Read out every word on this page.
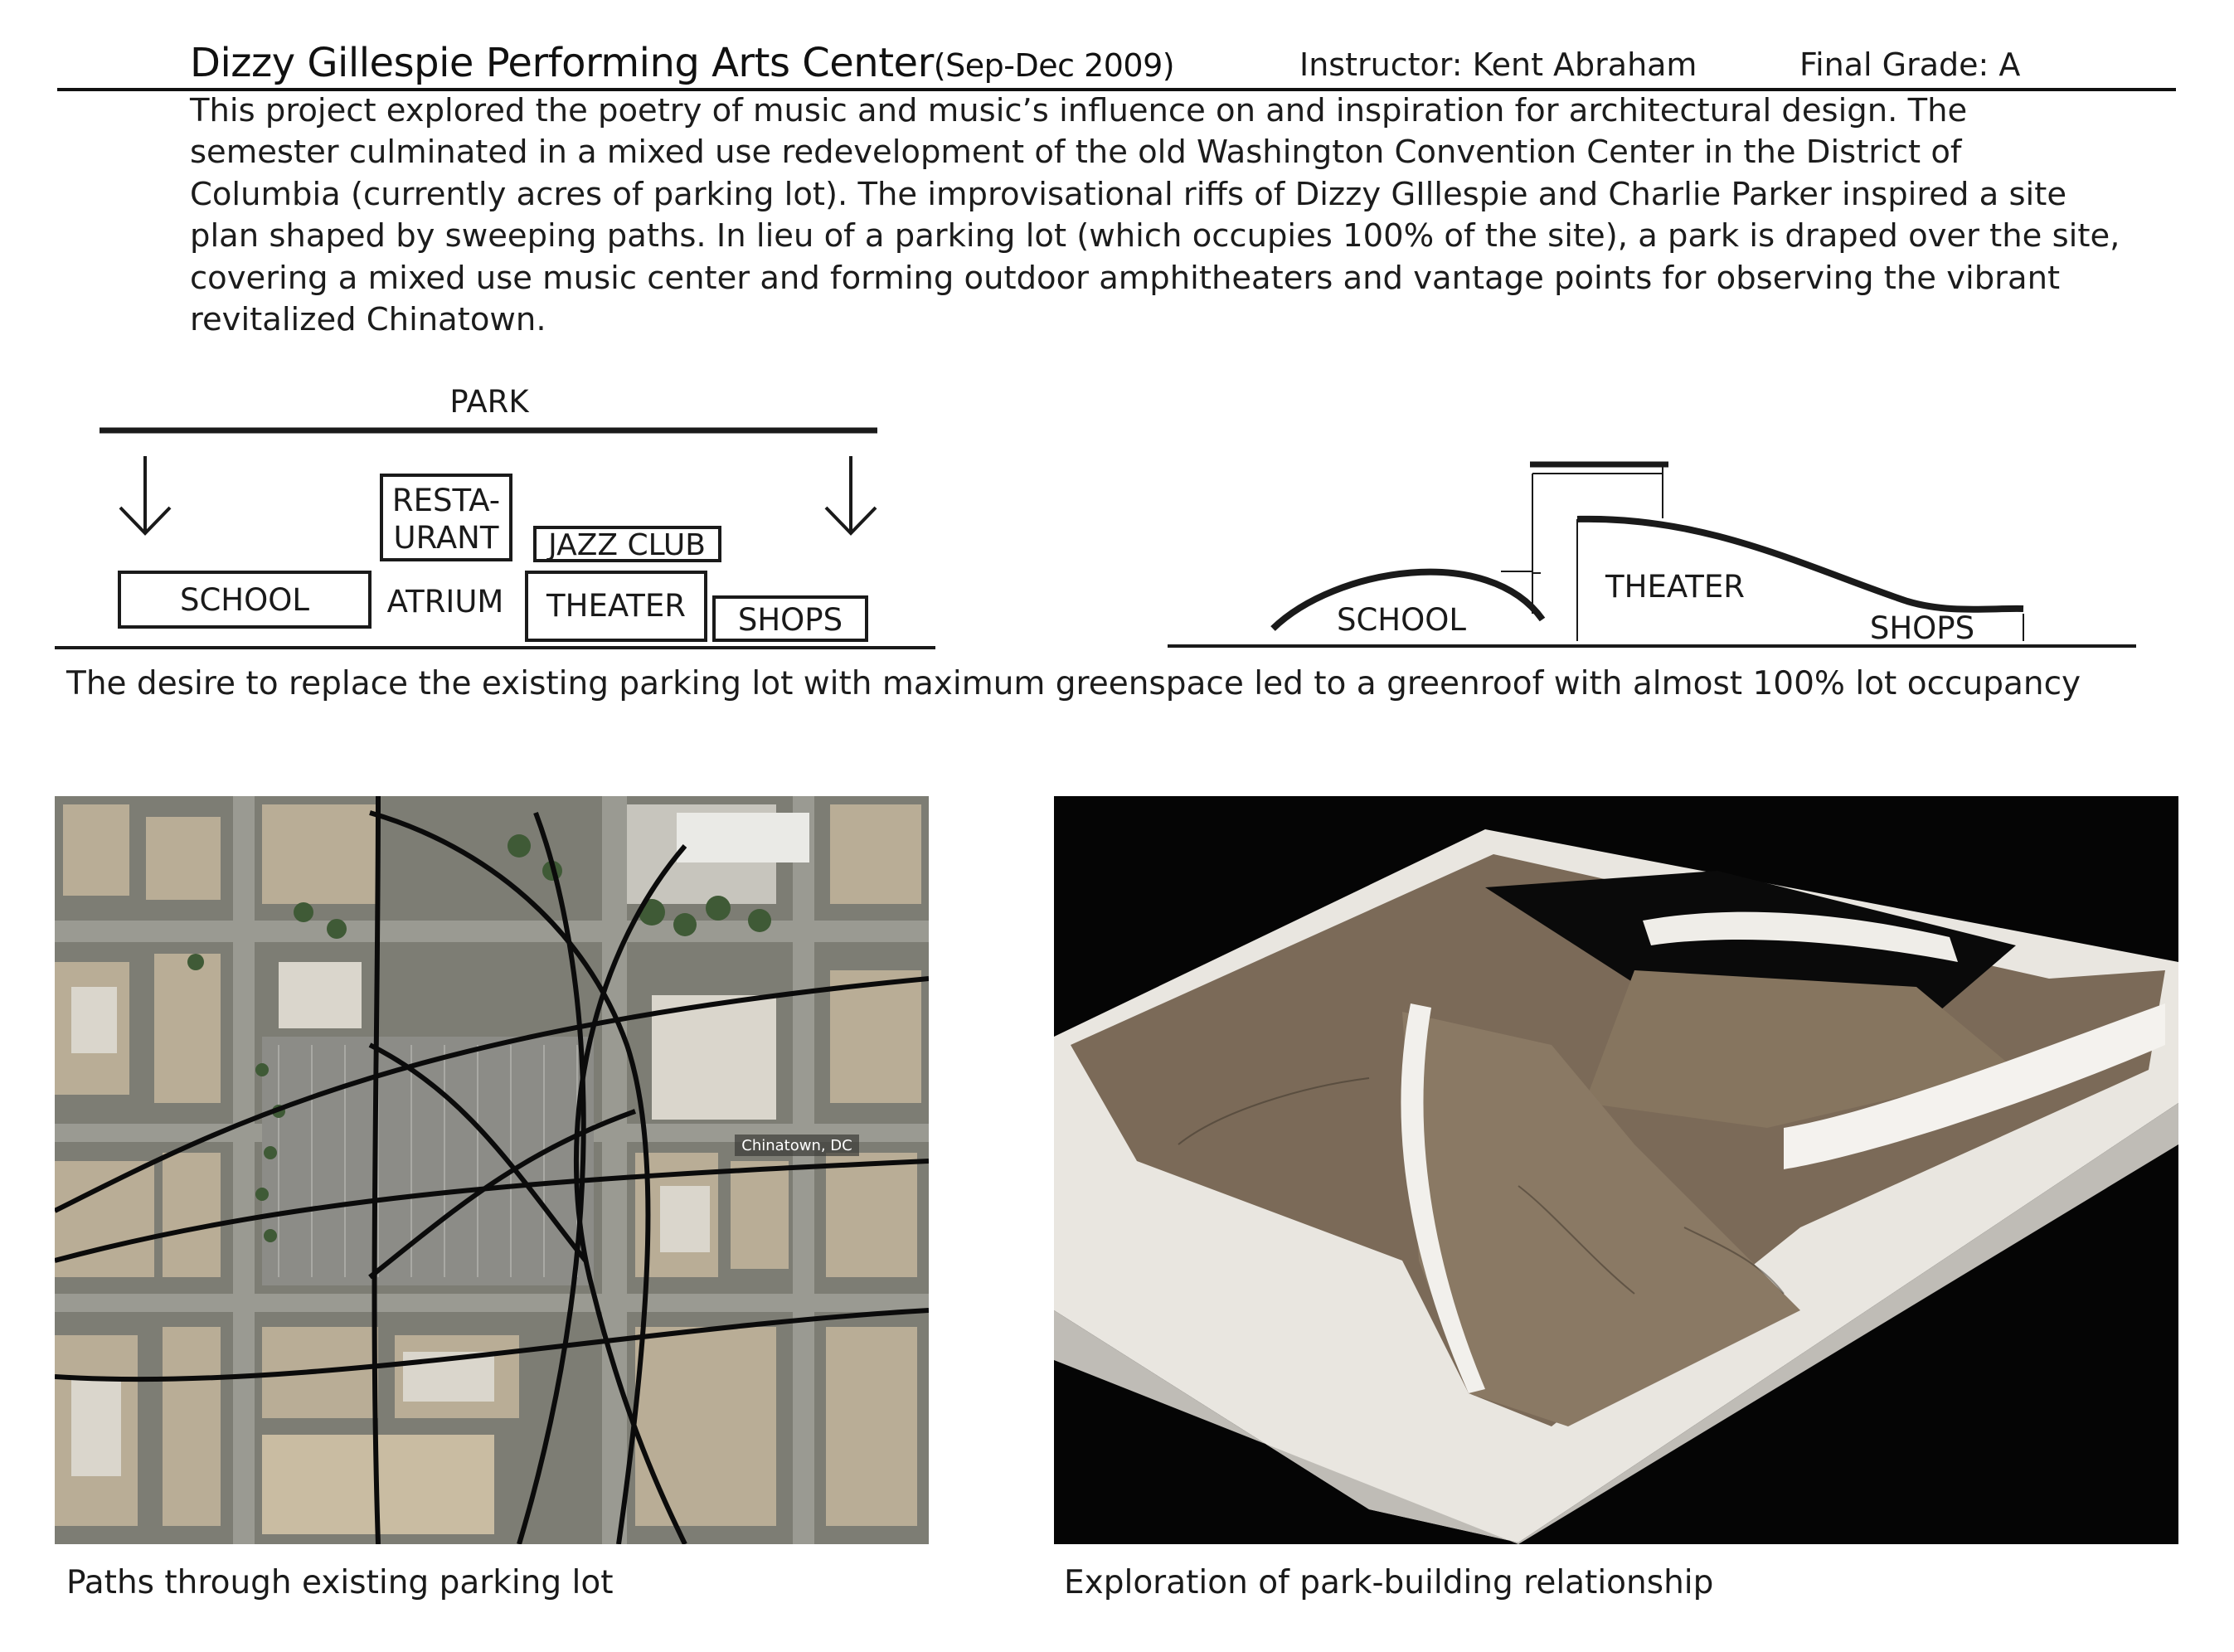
Dizzy Gillespie Performing Arts Center(Sep-Dec 2009)	Instructor: Kent Abraham	Final Grade: A

This project explored the poetry of music and music’s influence on and inspiration for architectural design. The semester culminated in a mixed use redevelopment of the old Washington Convention Center in the District of Columbia (currently acres of parking lot). The improvisational riffs of Dizzy GIllespie and Charlie Parker inspired a site plan shaped by sweeping paths. In lieu of a parking lot (which occupies 100% of the site), a park is draped over the site, covering a mixed use music center and forming outdoor amphitheaters and vantage points for observing the vibrant revitalized Chinatown.

PARK
RESTA-
URANT JAZZ CLUB
SCHOOL	ATRIUM THEATER SHOPS	SCHOOL
THEATER
SHOPS
The desire to replace the existing parking lot with maximum greenspace led to a greenroof with almost 100% lot occupancy
Chinatown, DC
Paths through existing parking lot	Exploration of park-building relationship
